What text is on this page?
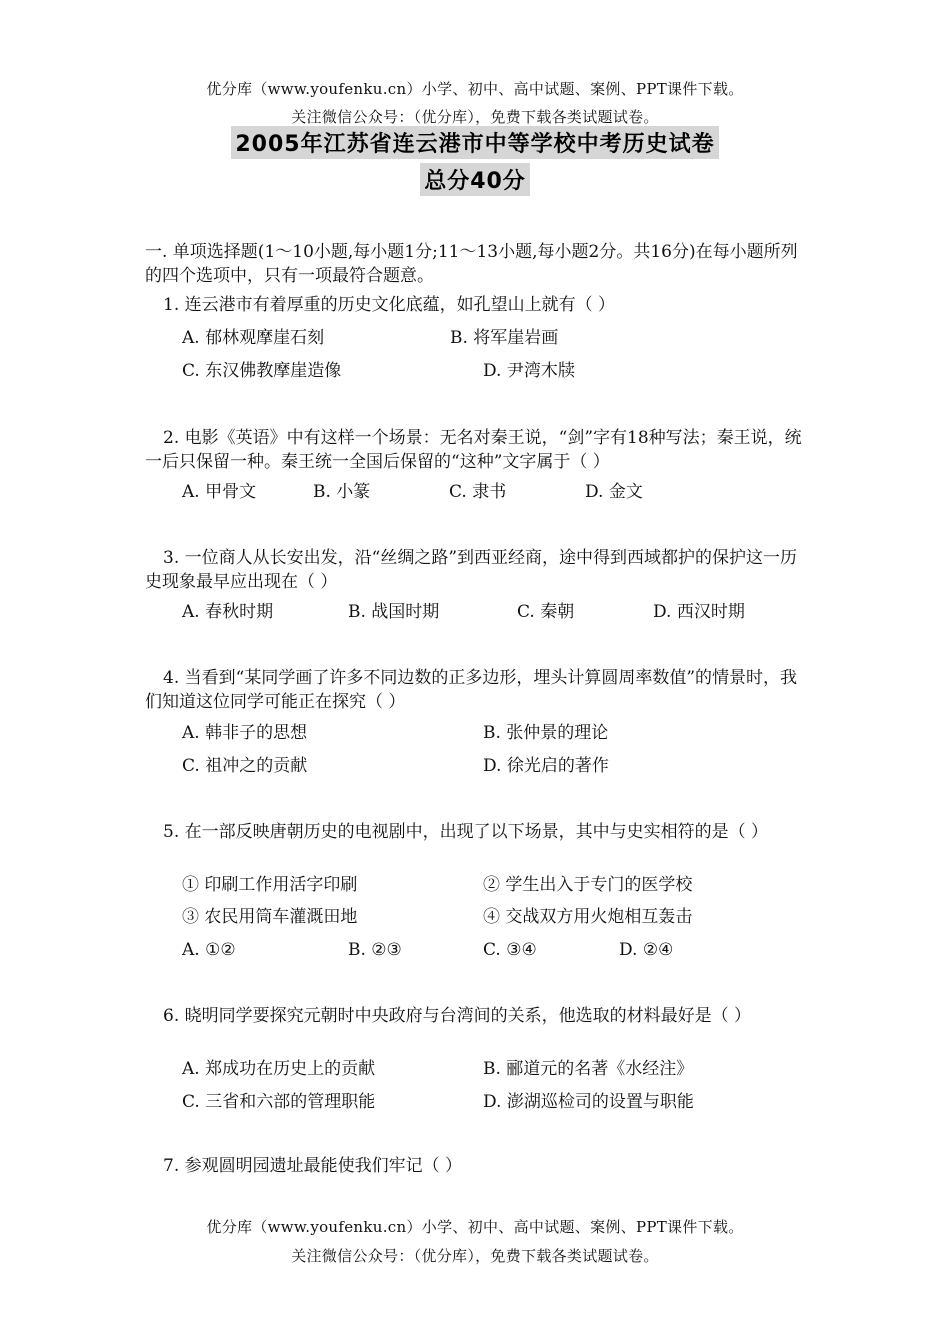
优分库（www.youfenku.cn）小学、初中、高中试题、案例、PPT课件下载。
关注微信公众号：（优分库），免费下载各类试题试卷。
2005年江苏省连云港市中等学校中考历史试卷
总分40分
一. 单项选择题(1～10小题,每小题1分;11～13小题,每小题2分。共16分)在每小题所列的四个选项中，只有一项最符合题意。
1. 连云港市有着厚重的历史文化底蕴，如孔望山上就有（ ）
A. 郁林观摩崖石刻	B. 将军崖岩画
C. 东汉佛教摩崖造像	D. 尹湾木牍
2. 电影《英语》中有这样一个场景：无名对秦王说，“剑”字有18种写法；秦王说，统一后只保留一种。秦王统一全国后保留的“这种”文字属于（ ）
A. 甲骨文	B. 小篆	C. 隶书	D. 金文
3. 一位商人从长安出发，沿“丝绸之路”到西亚经商，途中得到西域都护的保护这一历史现象最早应出现在（ ）
A. 春秋时期	B. 战国时期	C. 秦朝	D. 西汉时期
4. 当看到“某同学画了许多不同边数的正多边形，埋头计算圆周率数值”的情景时，我们知道这位同学可能正在探究（ ）
A. 韩非子的思想	B. 张仲景的理论
C. 祖冲之的贡献	D. 徐光启的著作
5. 在一部反映唐朝历史的电视剧中，出现了以下场景，其中与史实相符的是（ ）
① 印刷工作用活字印刷	② 学生出入于专门的医学校
③ 农民用筒车灌溉田地	④ 交战双方用火炮相互轰击
A. ①②	B. ②③	C. ③④	D. ②④
6. 晓明同学要探究元朝时中央政府与台湾间的关系，他选取的材料最好是（ ）
A. 郑成功在历史上的贡献	B. 郦道元的名著《水经注》
C. 三省和六部的管理职能	D. 澎湖巡检司的设置与职能
7. 参观圆明园遗址最能使我们牢记（ ）
优分库（www.youfenku.cn）小学、初中、高中试题、案例、PPT课件下载。
关注微信公众号：（优分库），免费下载各类试题试卷。
